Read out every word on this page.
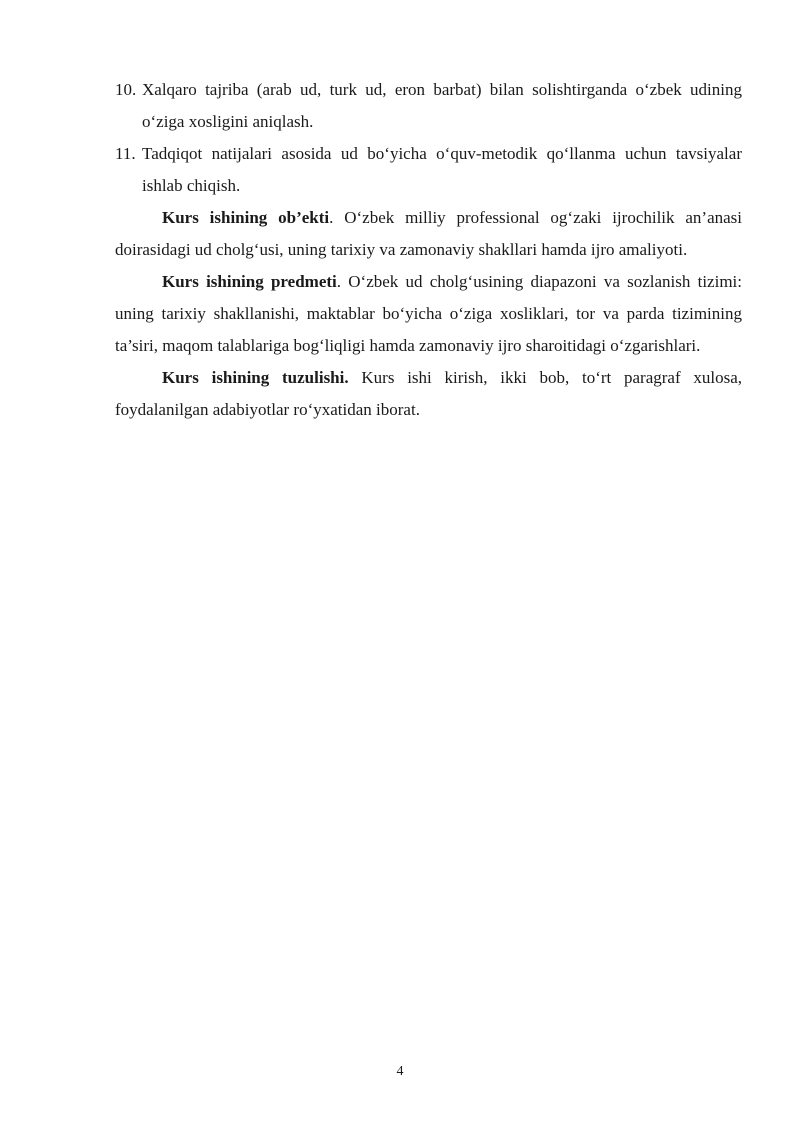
10. Xalqaro tajriba (arab ud, turk ud, eron barbat) bilan solishtirganda o‘zbek udining o‘ziga xosligini aniqlash.
11. Tadqiqot natijalari asosida ud bo‘yicha o‘quv-metodik qo‘llanma uchun tavsiyalar ishlab chiqish.

Kurs ishining ob’ekti. O‘zbek milliy professional og‘zaki ijrochilik an’anasi doirasidagi ud cholg‘usi, uning tarixiy va zamonaviy shakllari hamda ijro amaliyoti.

Kurs ishining predmeti. O‘zbek ud cholg‘usining diapazoni va sozlanish tizimi: uning tarixiy shakllanishi, maktablar bo‘yicha o‘ziga xosliklari, tor va parda tizimining ta’siri, maqom talablariga bog‘liqligi hamda zamonaviy ijro sharoitidagi o‘zgarishlari.

Kurs ishining tuzulishi. Kurs ishi kirish, ikki bob, to‘rt paragraf xulosa, foydalanilgan adabiyotlar ro‘yxatidan iborat.

4
